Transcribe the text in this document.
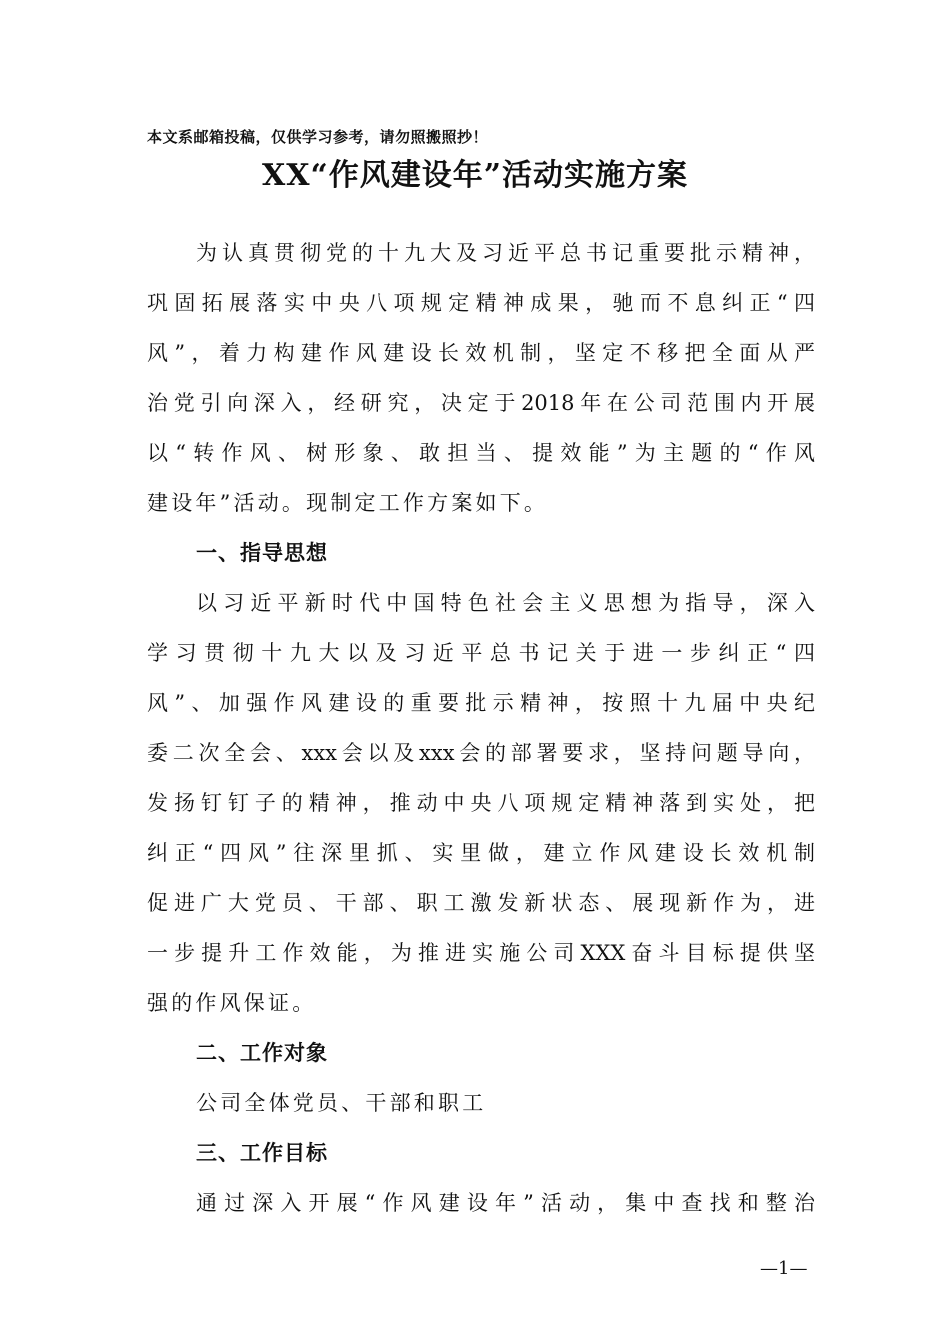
本文系邮箱投稿，仅供学习参考，请勿照搬照抄！
XX“作风建设年”活动实施方案
为认真贯彻党的十九大及习近平总书记重要批示精神，
巩固拓展落实中央八项规定精神成果，驰而不息纠正“四
风”，着力构建作风建设长效机制，坚定不移把全面从严
治党引向深入，经研究，决定于2018年在公司范围内开展
以“转作风、树形象、敢担当、提效能”为主题的“作风
建设年”活动。现制定工作方案如下。
一、指导思想
以习近平新时代中国特色社会主义思想为指导，深入
学习贯彻十九大以及习近平总书记关于进一步纠正“四
风”、加强作风建设的重要批示精神，按照十九届中央纪
委二次全会、xxx会以及xxx会的部署要求，坚持问题导向，
发扬钉钉子的精神，推动中央八项规定精神落到实处，把
纠正“四风”往深里抓、实里做，建立作风建设长效机制
促进广大党员、干部、职工激发新状态、展现新作为，进
一步提升工作效能，为推进实施公司XXX奋斗目标提供坚
强的作风保证。
二、工作对象
公司全体党员、干部和职工
三、工作目标
通过深入开展“作风建设年”活动，集中查找和整治
—1—
